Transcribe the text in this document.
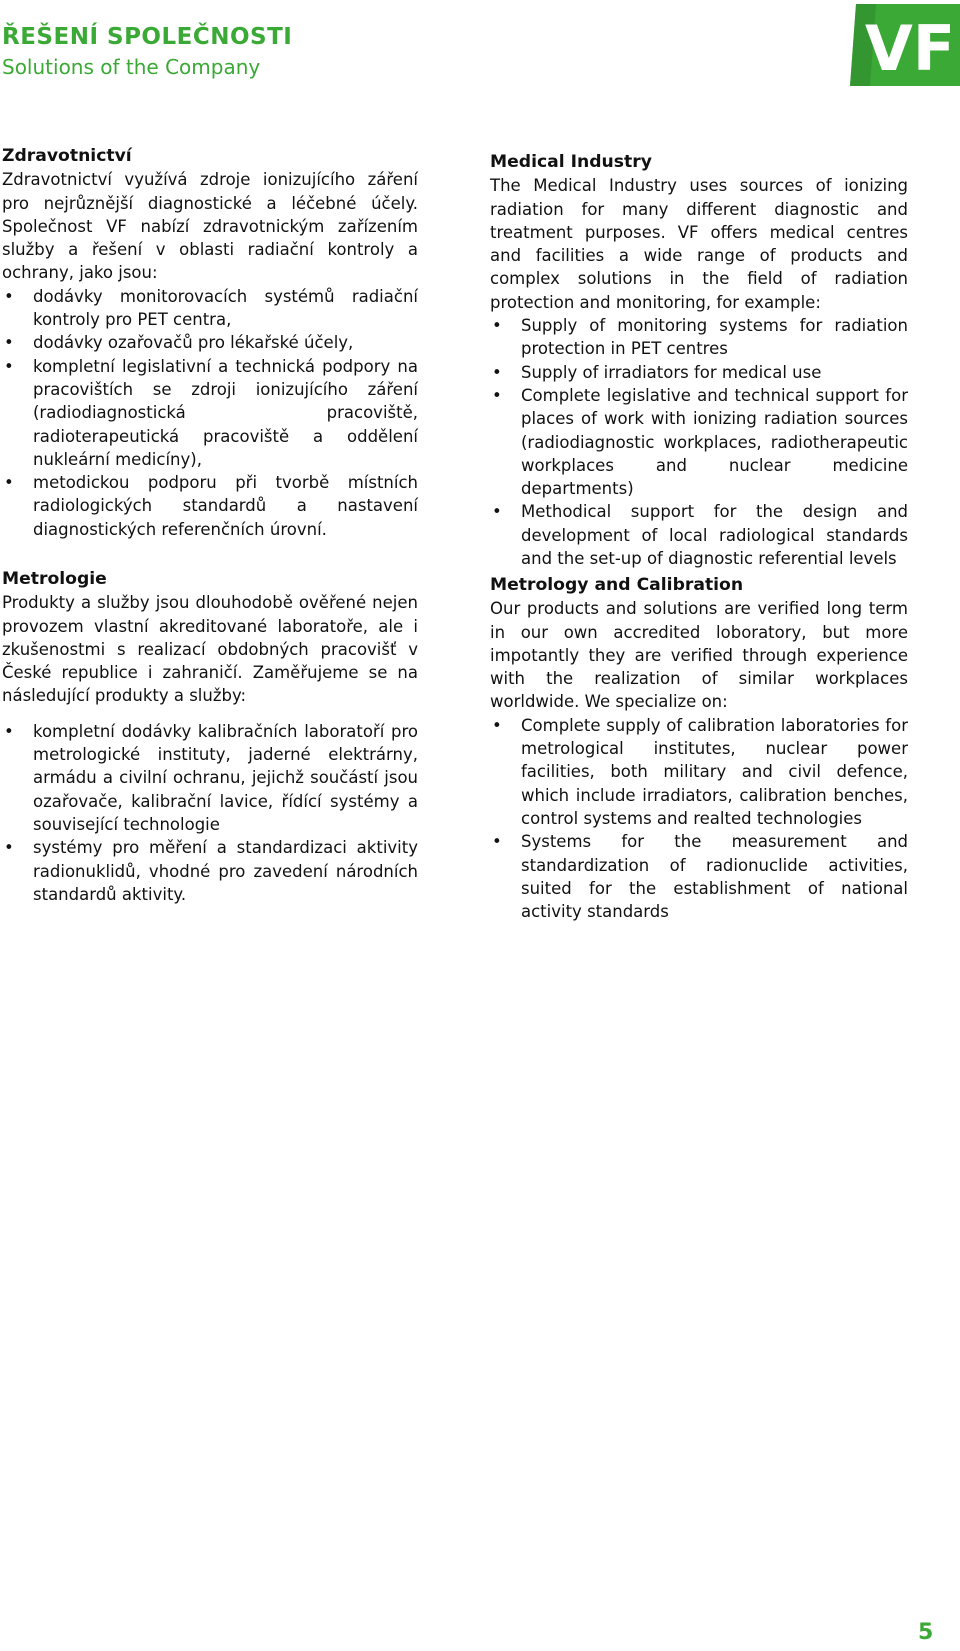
ŘEŠENÍ SPOLEČNOSTI
Solutions of the Company	VF

Zdravotnictví

Zdravotnictví využívá zdroje ionizujícího záření pro nejrůznější diagnostické a léčebné účely. Společnost VF nabízí zdravotnickým zařízením služby a řešení v oblasti radiační kontroly a ochrany, jako jsou:

• dodávky monitorovacích systémů radiační kontroly pro PET centra,
• dodávky ozařovačů pro lékařské účely,
• kompletní legislativní a technická podpory na pracovištích se zdroji ionizujícího záření (radiodiagnostická pracoviště, radioterapeutická pracoviště a oddělení nukleární medicíny),
• metodickou podporu při tvorbě místních radiologických standardů a nastavení diagnostických referenčních úrovní.

Medical Industry

The Medical Industry uses sources of ionizing radiation for many different diagnostic and treatment purposes. VF offers medical centres and facilities a wide range of products and complex solutions in the field of radiation protection and monitoring, for example:

• Supply of monitoring systems for radiation protection in PET centres
• Supply of irradiators for medical use
• Complete legislative and technical support for places of work with ionizing radiation sources (radiodiagnostic workplaces, radiotherapeutic workplaces and nuclear medicine departments)
• Methodical support for the design and development of local radiological standards and the set-up of diagnostic referential levels

Metrologie

Produkty a služby jsou dlouhodobě ověřené nejen provozem vlastní akreditované laboratoře, ale i zkušenostmi s realizací obdobných pracovišť v České republice i zahraničí. Zaměřujeme se na následující produkty a služby:

• kompletní dodávky kalibračních laboratoří pro metrologické instituty, jaderné elektrárny, armádu a civilní ochranu, jejichž součástí jsou ozařovače, kalibrační lavice, řídící systémy a související technologie
• systémy pro měření a standardizaci aktivity radionuklidů, vhodné pro zavedení národních standardů aktivity.

Metrology and Calibration

Our products and solutions are verified long term in our own accredited loboratory, but more impotantly they are verified through experience with the realization of similar workplaces worldwide. We specialize on:

• Complete supply of calibration laboratories for metrological institutes, nuclear power facilities, both military and civil defence, which include irradiators, calibration benches, control systems and realted technologies
• Systems for the measurement and standardization of radionuclide activities, suited for the establishment of national activity standards
5
